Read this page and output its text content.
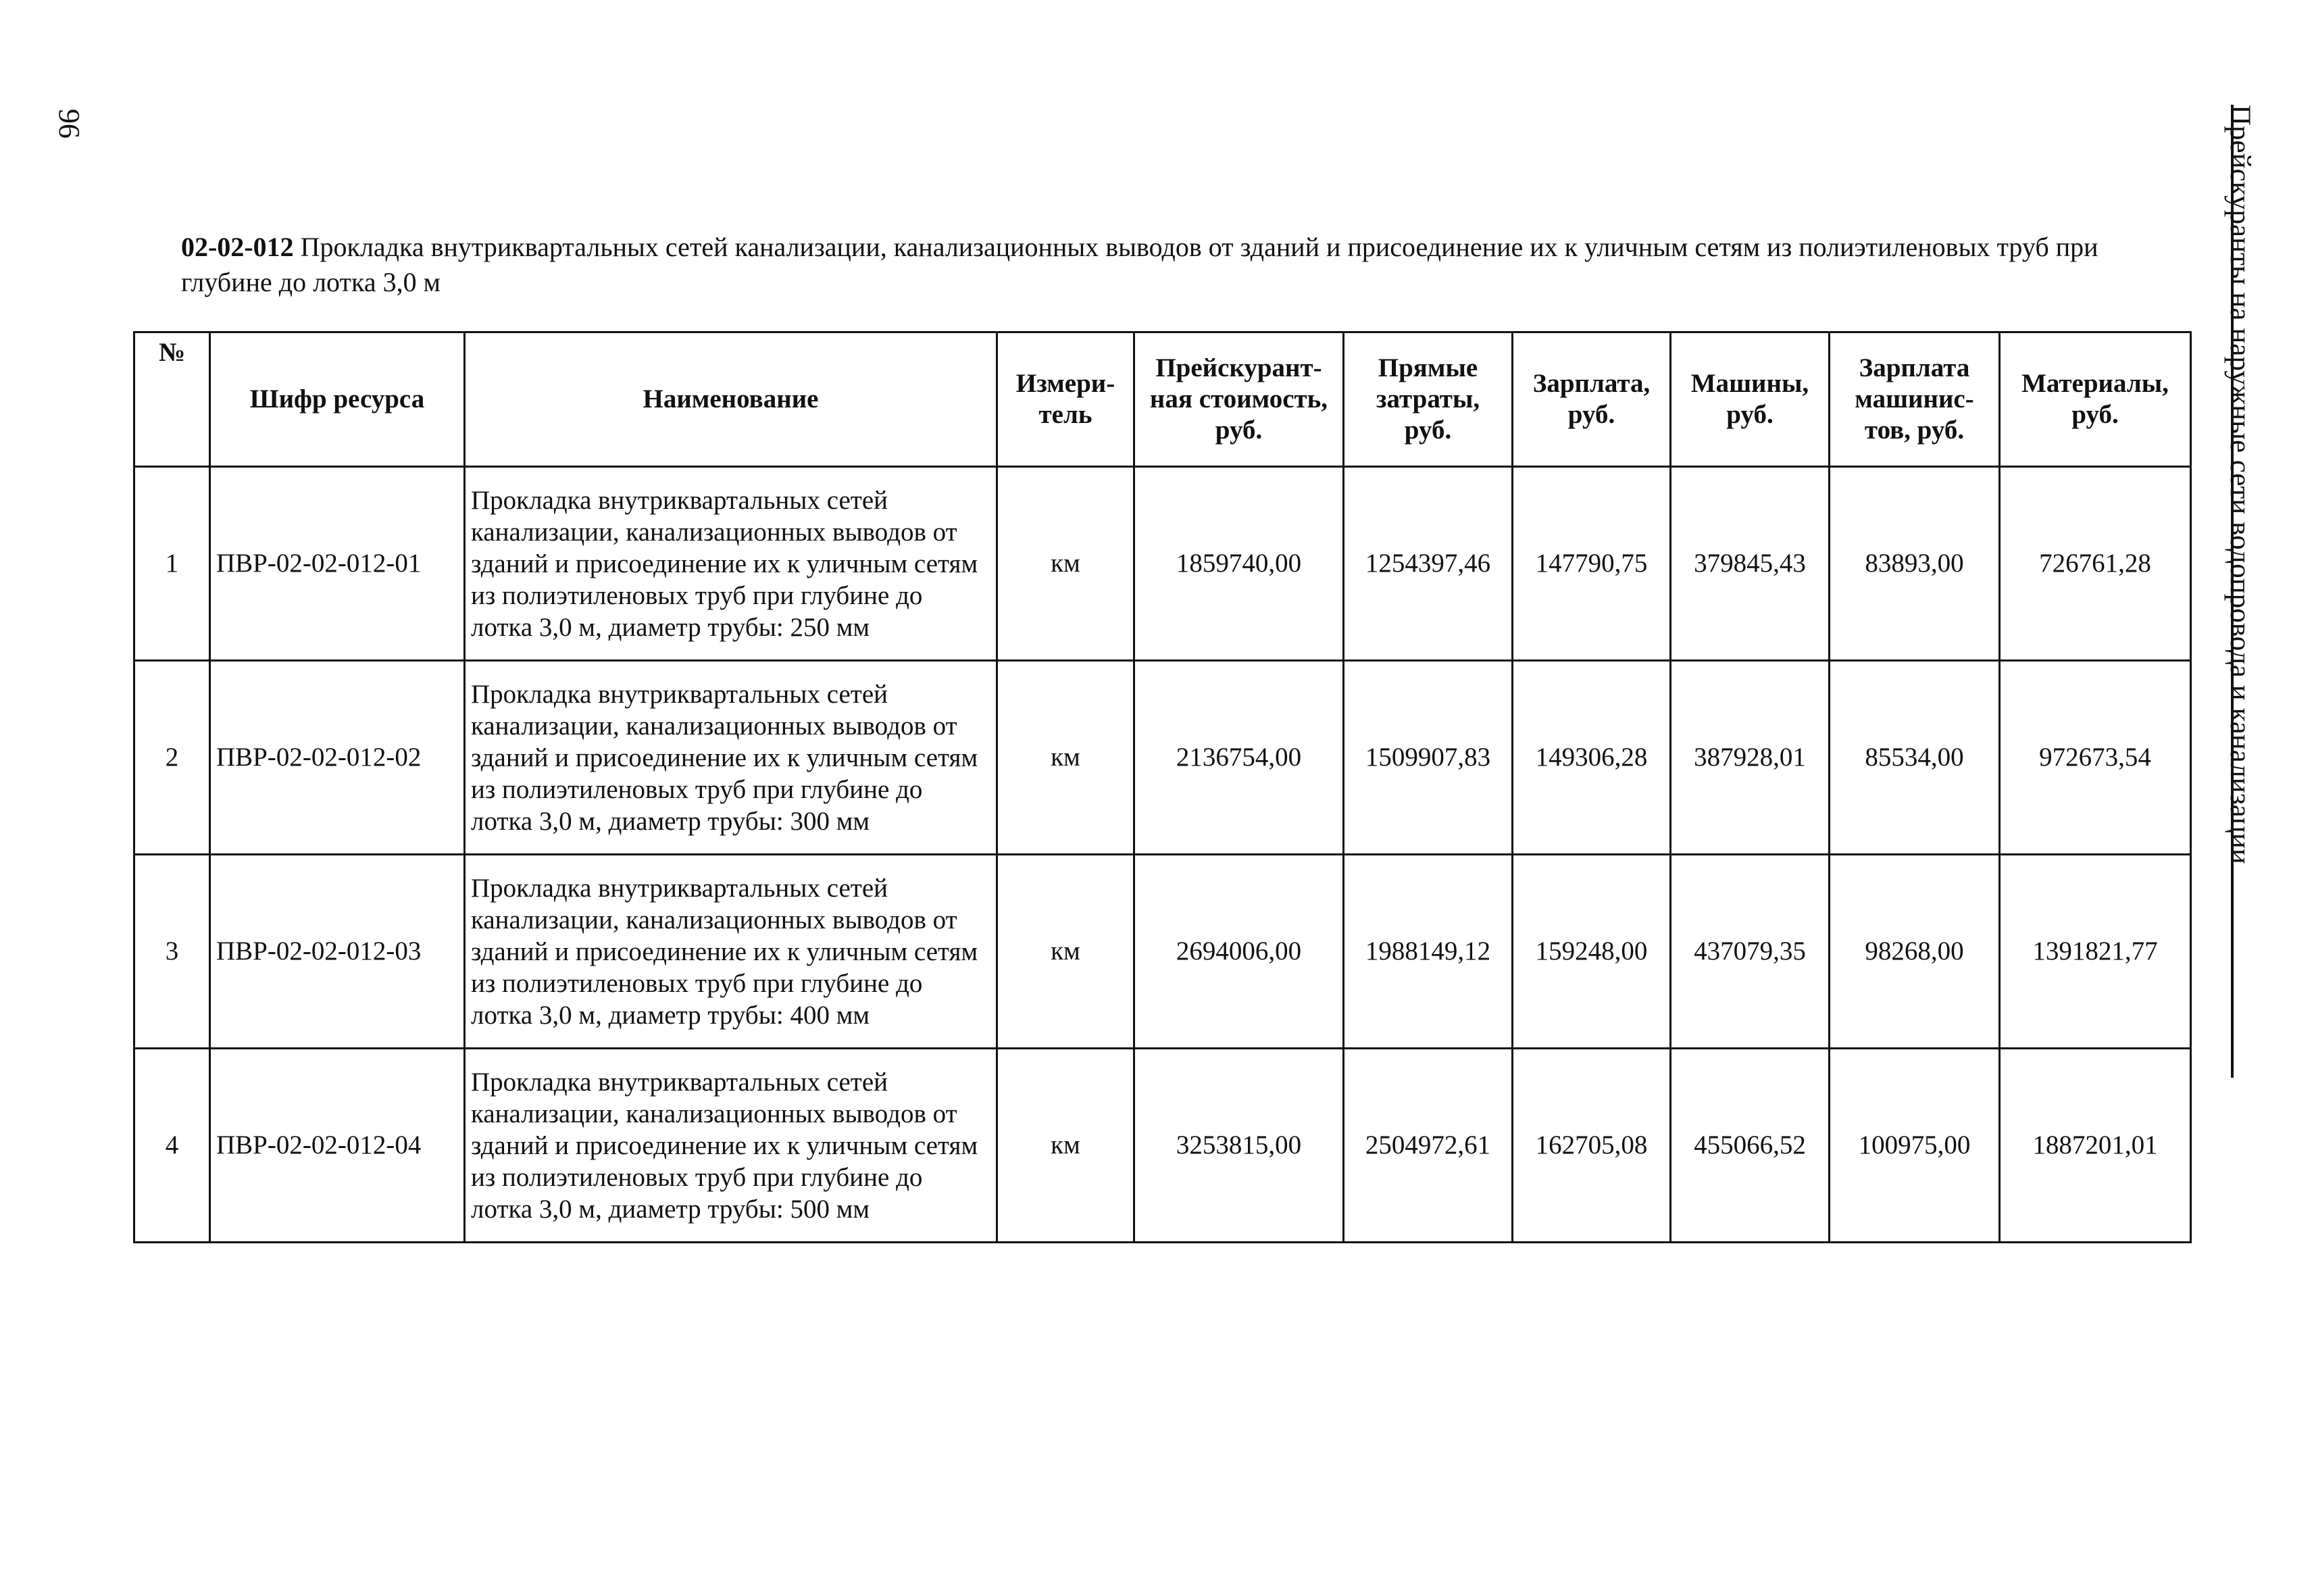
96	Прейскуранты на наружные сети водопровода и канализации
02-02-012 Прокладка внутриквартальных сетей канализации, канализационных выводов от зданий и присоединение их к уличным сетям из полиэтиленовых труб при глубине до лотка 3,0 м
№	Шифр ресурса	Наименование	Измери-тель	Прейскурант-ная стоимость, руб.	Прямые затраты, руб.	Зарплата, руб.	Машины, руб.	Зарплата машинис-тов, руб.	Материалы, руб.
1	ПВР-02-02-012-01	Прокладка внутриквартальных сетей канализации, канализационных выводов от зданий и присоединение их к уличным сетям из полиэтиленовых труб при глубине до лотка 3,0 м, диаметр трубы: 250 мм	км	1859740,00	1254397,46	147790,75	379845,43	83893,00	726761,28
2	ПВР-02-02-012-02	Прокладка внутриквартальных сетей канализации, канализационных выводов от зданий и присоединение их к уличным сетям из полиэтиленовых труб при глубине до лотка 3,0 м, диаметр трубы: 300 мм	км	2136754,00	1509907,83	149306,28	387928,01	85534,00	972673,54
3	ПВР-02-02-012-03	Прокладка внутриквартальных сетей канализации, канализационных выводов от зданий и присоединение их к уличным сетям из полиэтиленовых труб при глубине до лотка 3,0 м, диаметр трубы: 400 мм	км	2694006,00	1988149,12	159248,00	437079,35	98268,00	1391821,77
4	ПВР-02-02-012-04	Прокладка внутриквартальных сетей канализации, канализационных выводов от зданий и присоединение их к уличным сетям из полиэтиленовых труб при глубине до лотка 3,0 м, диаметр трубы: 500 мм	км	3253815,00	2504972,61	162705,08	455066,52	100975,00	1887201,01
